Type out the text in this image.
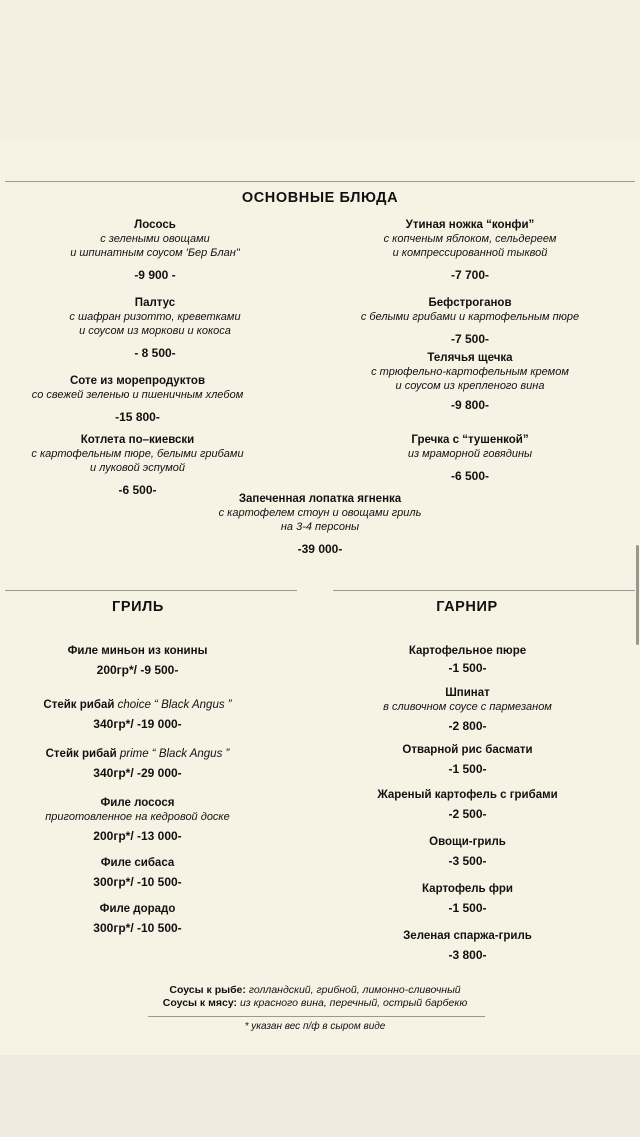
ОСНОВНЫЕ БЛЮДА
Лосось
с зелеными овощами
и шпинатным соусом 'Бер Блан"
-9 900 -
Палтус
с шафран ризотто, креветками
и соусом из моркови и кокоса
- 8 500-
Соте из морепродуктов
со свежей зеленью и пшеничным хлебом
-15 800-
Котлета по–киевски
с картофельным пюре, белыми грибами
и луковой эспумой
-6 500-
Утиная ножка “конфи”
с копченым яблоком, сельдереем
и компрессированной тыквой
-7 700-
Бефстроганов
с белыми грибами и картофельным пюре
-7 500-
Телячья щечка
с трюфельно-картофельным кремом
и соусом из крепленого вина
-9 800-
Гречка с “тушенкой”
из мраморной говядины
-6 500-
Запеченная лопатка ягненка
с картофелем стоун и овощами гриль
на 3-4 персоны
-39 000-
ГРИЛЬ	ГАРНИР
Филе миньон из конины
200гр*/ -9 500-
Стейк рибай choice “ Black Angus ”
340гр*/ -19 000-
Стейк рибай prime “ Black Angus ”
340гр*/ -29 000-
Филе лосося
приготовленное на кедровой доске
200гр*/ -13 000-
Филе сибаса
300гр*/ -10 500-
Филе дорадо
300гр*/ -10 500-
Картофельное пюре
-1 500-
Шпинат
в сливочном соусе с пармезаном
-2 800-
Отварной рис басмати
-1 500-
Жареный картофель с грибами
-2 500-
Овощи-гриль
-3 500-
Картофель фри
-1 500-
Зеленая спаржа-гриль
-3 800-
Соусы к рыбе: голландский, грибной, лимонно-сливочный
Соусы к мясу: из красного вина, перечный, острый барбекю
* указан вес п/ф в сыром виде
